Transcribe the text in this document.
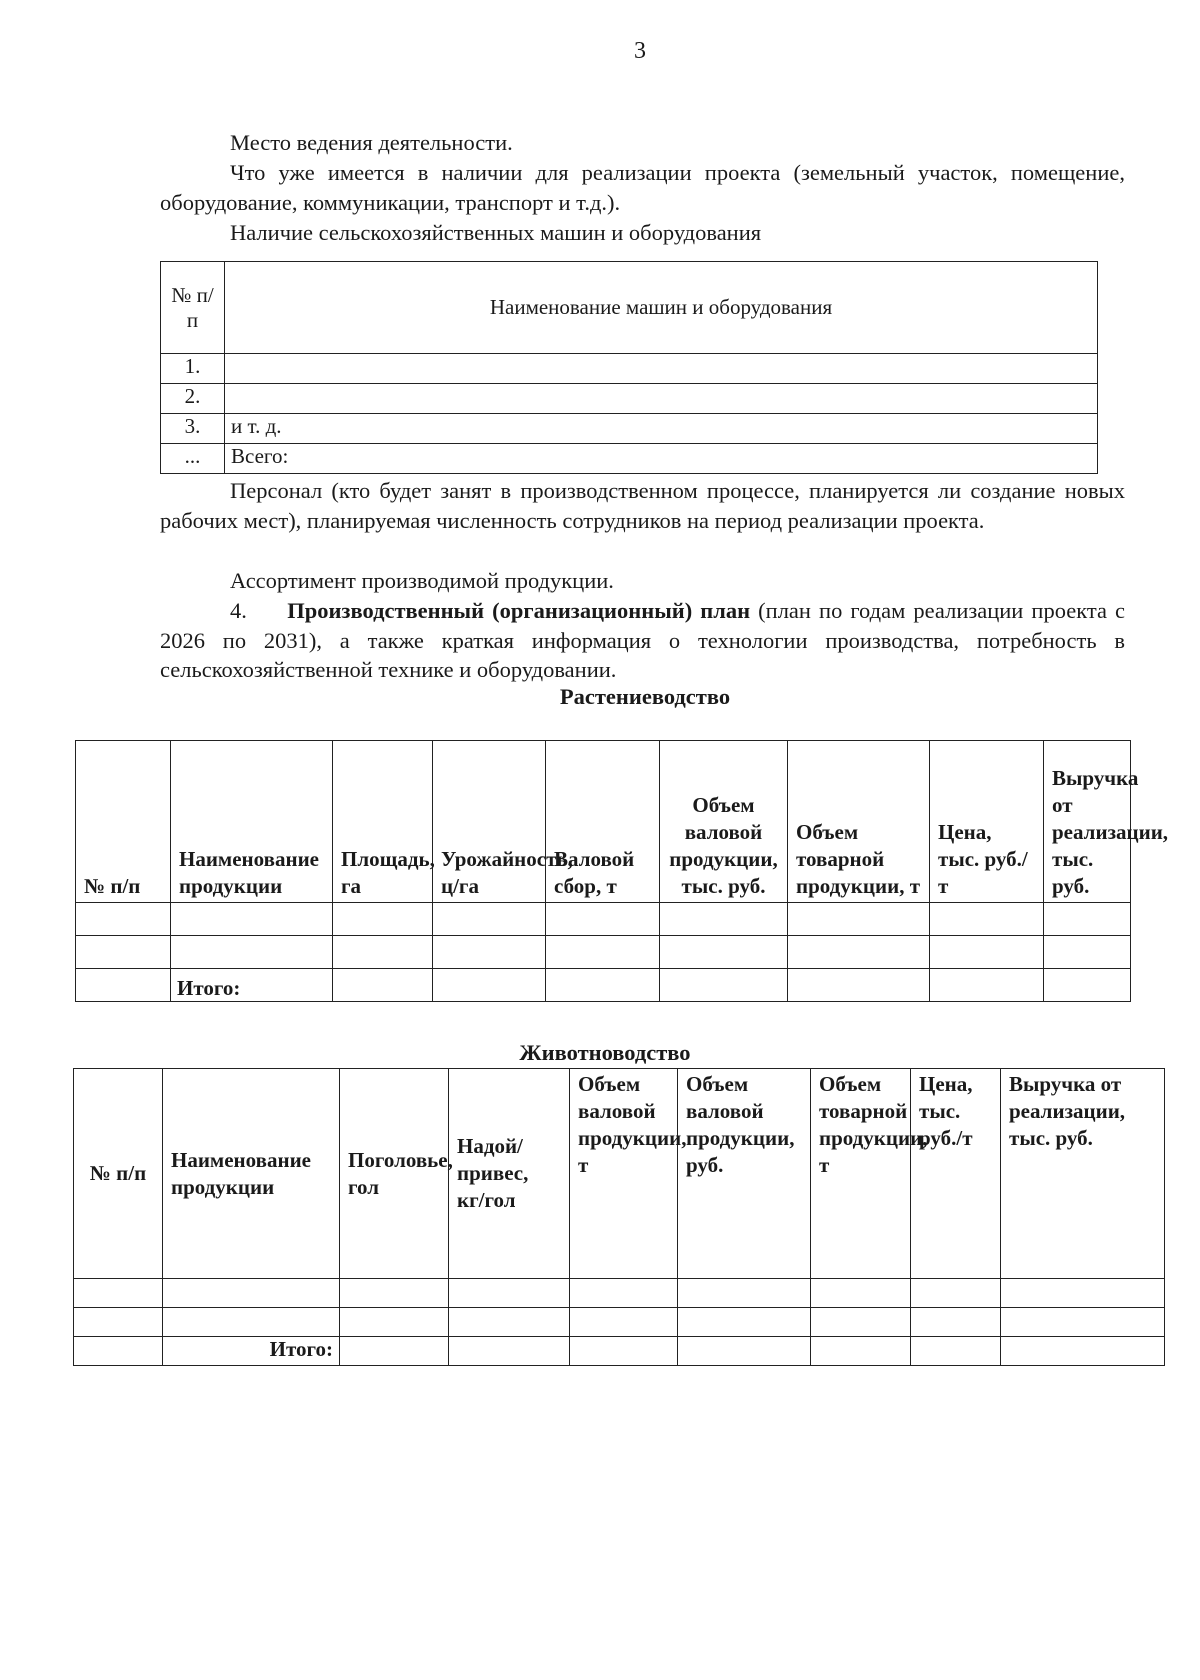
3

Место ведения деятельности.

Что уже имеется в наличии для реализации проекта (земельный участок, помещение, оборудование, коммуникации, транспорт и т.д.).

Наличие сельскохозяйственных машин и оборудования

№ п/п	Наименование машин и оборудования
1.	
2.	
3.	и т. д.
...	Всего:

Персонал (кто будет занят в производственном процессе, планируется ли создание новых рабочих мест), планируемая численность сотрудников на период реализации проекта.

Ассортимент производимой продукции.

4. Производственный (организационный) план (план по годам реализации проекта с 2026 по 2031), а также краткая информация о технологии производства, потребность в сельскохозяйственной технике и оборудовании.

Растениеводство

№ п/п	Наименование продукции	Площадь, га	Урожайность, ц/га	Валовой сбор, т	Объем валовой продукции, тыс. руб.	Объем товарной продукции, т	Цена, тыс. руб./т	Выручка от реализации, тыс. руб.

	Итого:							

Животноводство

№ п/п	Наименование продукции	Поголовье, гол	Надой/ привес, кг/гол	Объем валовой продукции, т	Объем валовой продукции, руб.	Объем товарной продукции, т	Цена, тыс. руб./т	Выручка от реализации, тыс. руб.

	Итого:							
